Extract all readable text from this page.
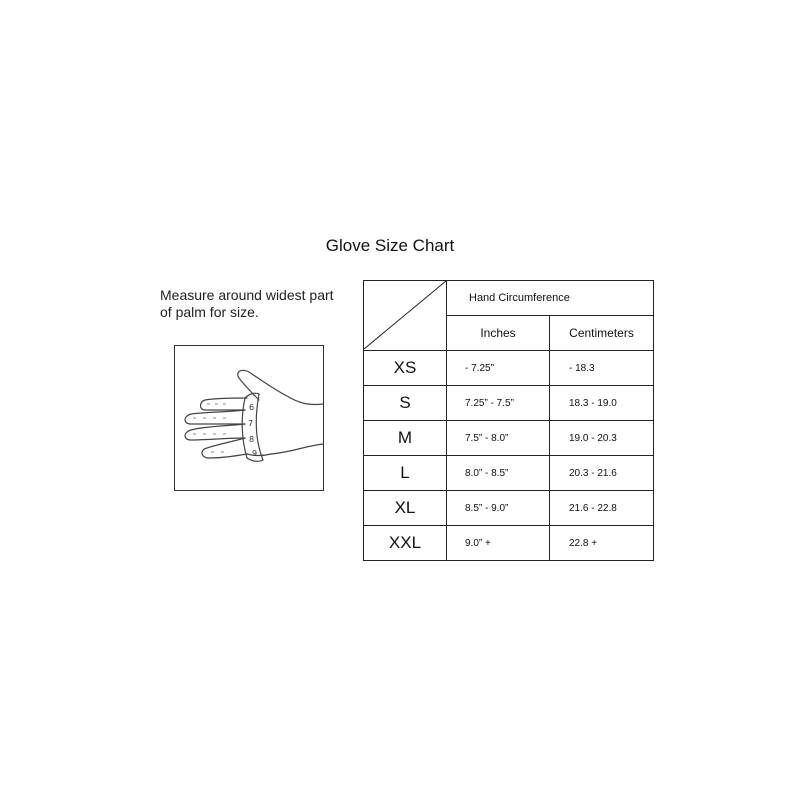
Glove Size Chart
Measure around widest part
of palm for size.
6
7
8
9
	Hand Circumference	
	Inches	Centimeters
XS	- 7.25”	- 18.3
S	7.25” - 7.5”	18.3 - 19.0
M	7.5” - 8.0”	19.0 - 20.3
L	8.0” - 8.5”	20.3 - 21.6
XL	8.5” - 9.0”	21.6 - 22.8
XXL	9.0” +	22.8 +
